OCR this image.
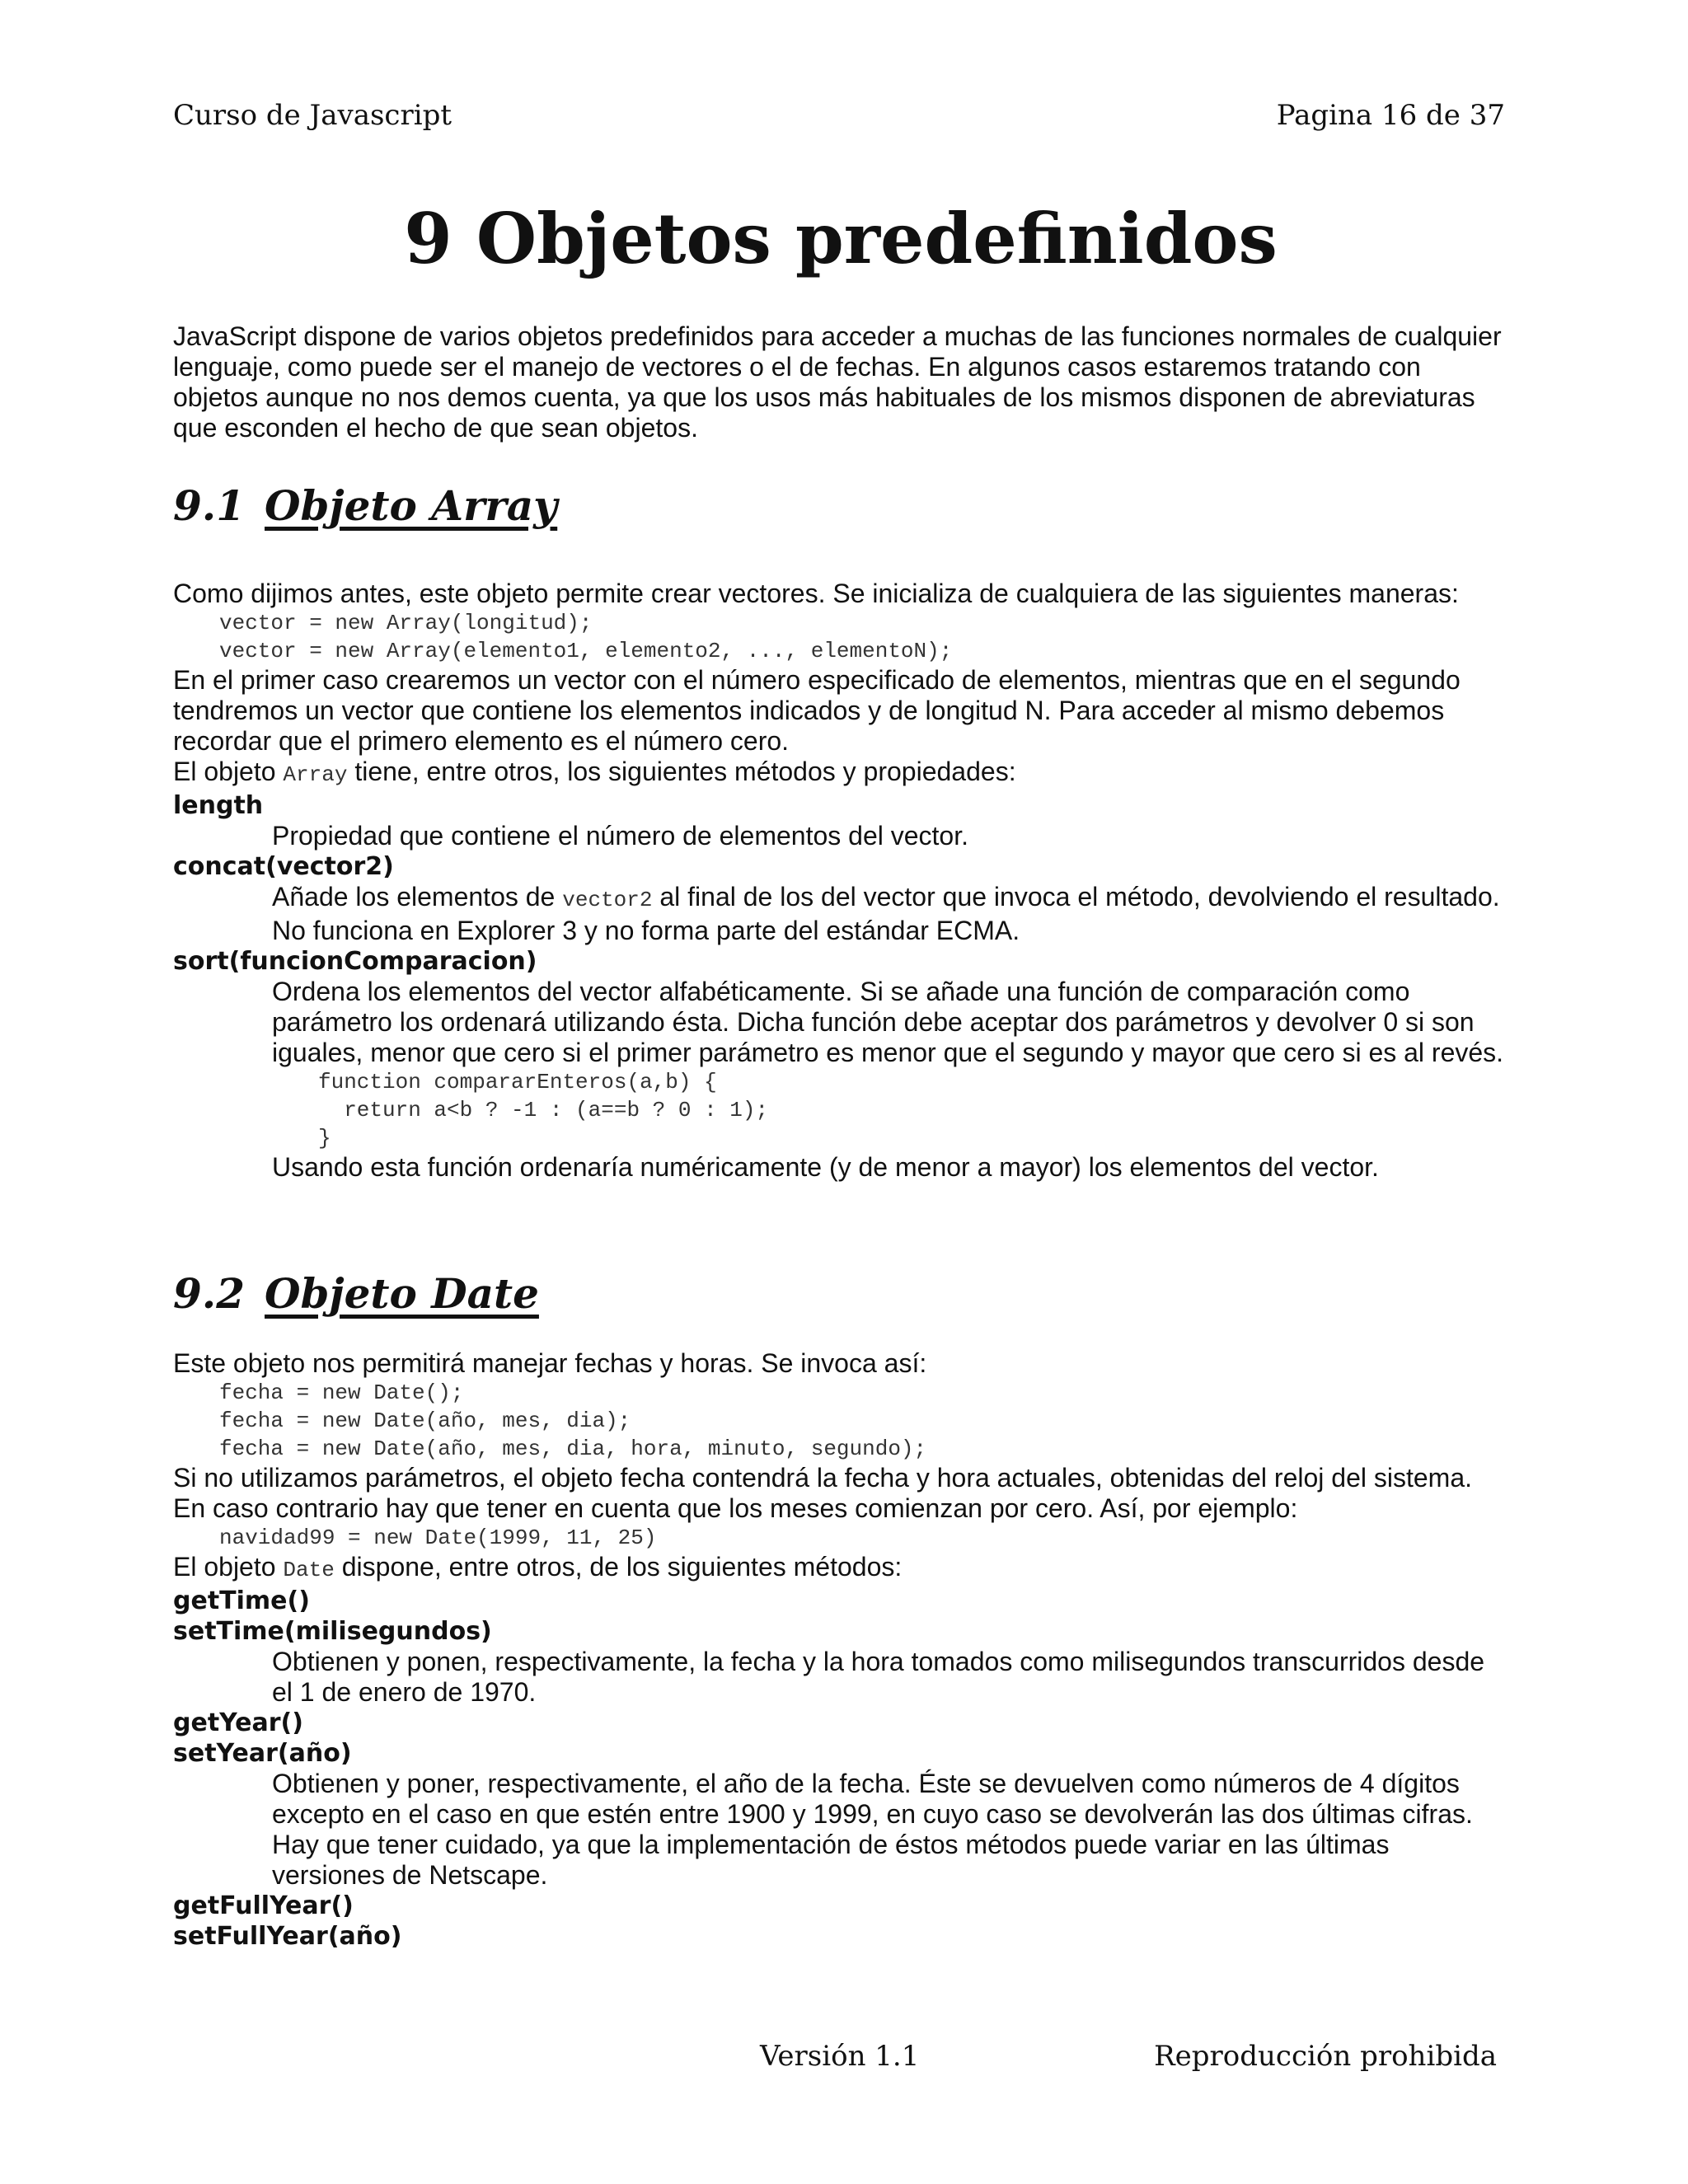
Curso de Javascript	Pagina 16 de 37
9 Objetos predefinidos

JavaScript dispone de varios objetos predefinidos para acceder a muchas de las funciones normales de cualquier lenguaje, como puede ser el manejo de vectores o el de fechas. En algunos casos estaremos tratando con objetos aunque no nos demos cuenta, ya que los usos más habituales de los mismos disponen de abreviaturas que esconden el hecho de que sean objetos.

9.1 Objeto Array

Como dijimos antes, este objeto permite crear vectores. Se inicializa de cualquiera de las siguientes maneras:

vector = new Array(longitud);

vector = new Array(elemento1, elemento2, ..., elementoN);

En el primer caso crearemos un vector con el número especificado de elementos, mientras que en el segundo tendremos un vector que contiene los elementos indicados y de longitud N. Para acceder al mismo debemos recordar que el primero elemento es el número cero.

El objeto Array tiene, entre otros, los siguientes métodos y propiedades:

length

Propiedad que contiene el número de elementos del vector.

concat(vector2)

Añade los elementos de vector2 al final de los del vector que invoca el método, devolviendo el resultado. No funciona en Explorer 3 y no forma parte del estándar ECMA.

sort(funcionComparacion)

Ordena los elementos del vector alfabéticamente. Si se añade una función de comparación como parámetro los ordenará utilizando ésta. Dicha función debe aceptar dos parámetros y devolver 0 si son iguales, menor que cero si el primer parámetro es menor que el segundo y mayor que cero si es al revés.

function compararEnteros(a,b) {

return a<b ? -1 : (a==b ? 0 : 1);

}

Usando esta función ordenaría numéricamente (y de menor a mayor) los elementos del vector.

9.2 Objeto Date

Este objeto nos permitirá manejar fechas y horas. Se invoca así:

fecha = new Date();

fecha = new Date(año, mes, dia);

fecha = new Date(año, mes, dia, hora, minuto, segundo);

Si no utilizamos parámetros, el objeto fecha contendrá la fecha y hora actuales, obtenidas del reloj del sistema. En caso contrario hay que tener en cuenta que los meses comienzan por cero. Así, por ejemplo:

navidad99 = new Date(1999, 11, 25)

El objeto Date dispone, entre otros, de los siguientes métodos:

getTime()

setTime(milisegundos)

Obtienen y ponen, respectivamente, la fecha y la hora tomados como milisegundos transcurridos desde el 1 de enero de 1970.

getYear()

setYear(año)

Obtienen y poner, respectivamente, el año de la fecha. Éste se devuelven como números de 4 dígitos excepto en el caso en que estén entre 1900 y 1999, en cuyo caso se devolverán las dos últimas cifras. Hay que tener cuidado, ya que la implementación de éstos métodos puede variar en las últimas versiones de Netscape.

getFullYear()

setFullYear(año)

Versión 1.1	Reproducción prohibida
